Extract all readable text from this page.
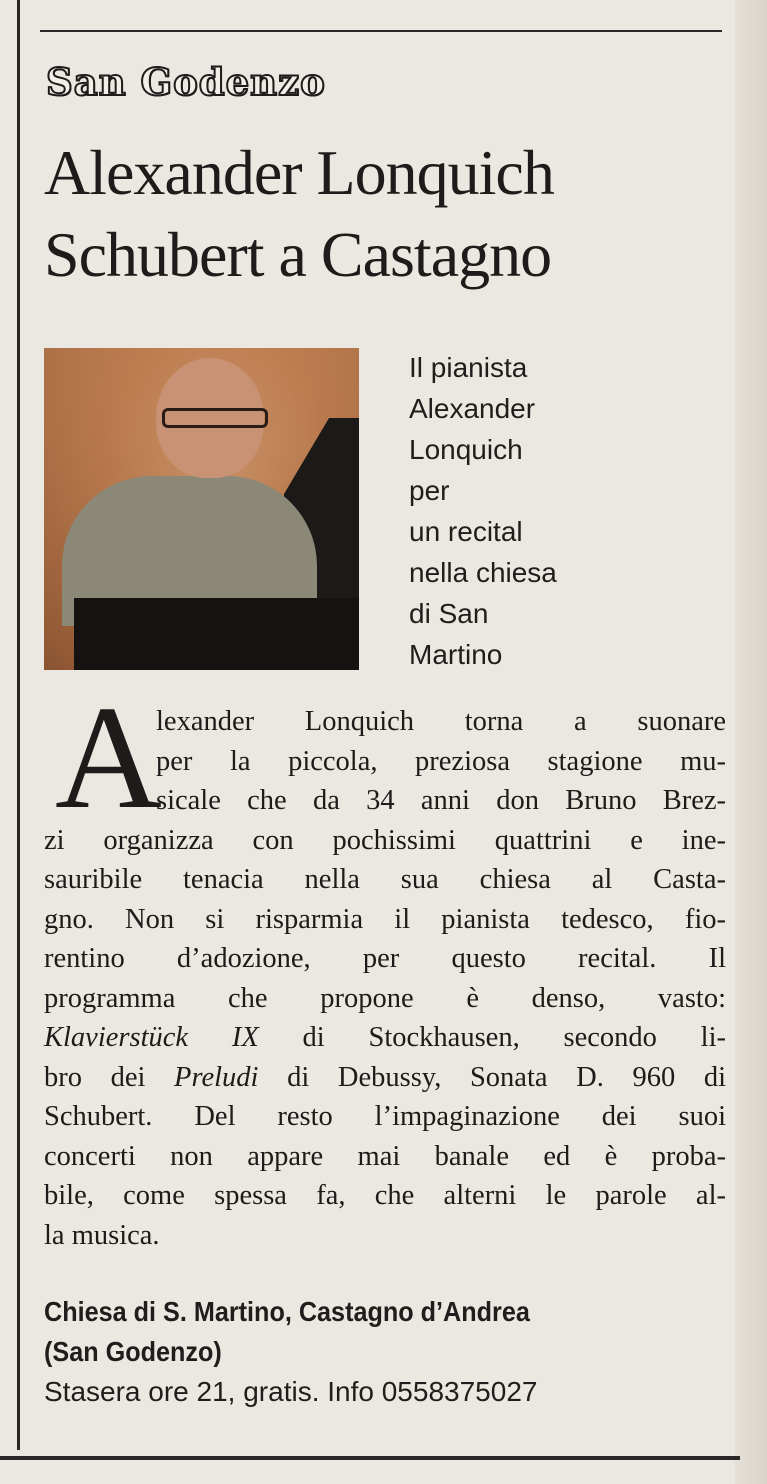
San Godenzo
Alexander Lonquich
Schubert a Castagno
Il pianista
Alexander
Lonquich
per
un recital
nella chiesa
di San
Martino
A
lexander Lonquich torna a suonare
per la piccola, preziosa stagione mu-
sicale che da 34 anni don Bruno Brez-
zi organizza con pochissimi quattrini e ine-
sauribile tenacia nella sua chiesa al Casta-
gno. Non si risparmia il pianista tedesco, fio-
rentino d’adozione, per questo recital. Il
programma che propone è denso, vasto:
Klavierstück IX di Stockhausen, secondo li-
bro dei Preludi di Debussy, Sonata D. 960 di
Schubert. Del resto l’impaginazione dei suoi
concerti non appare mai banale ed è proba-
bile, come spessa fa, che alterni le parole al-
la musica.
Chiesa di S. Martino, Castagno d’Andrea
(San Godenzo)
Stasera ore 21, gratis. Info 0558375027
